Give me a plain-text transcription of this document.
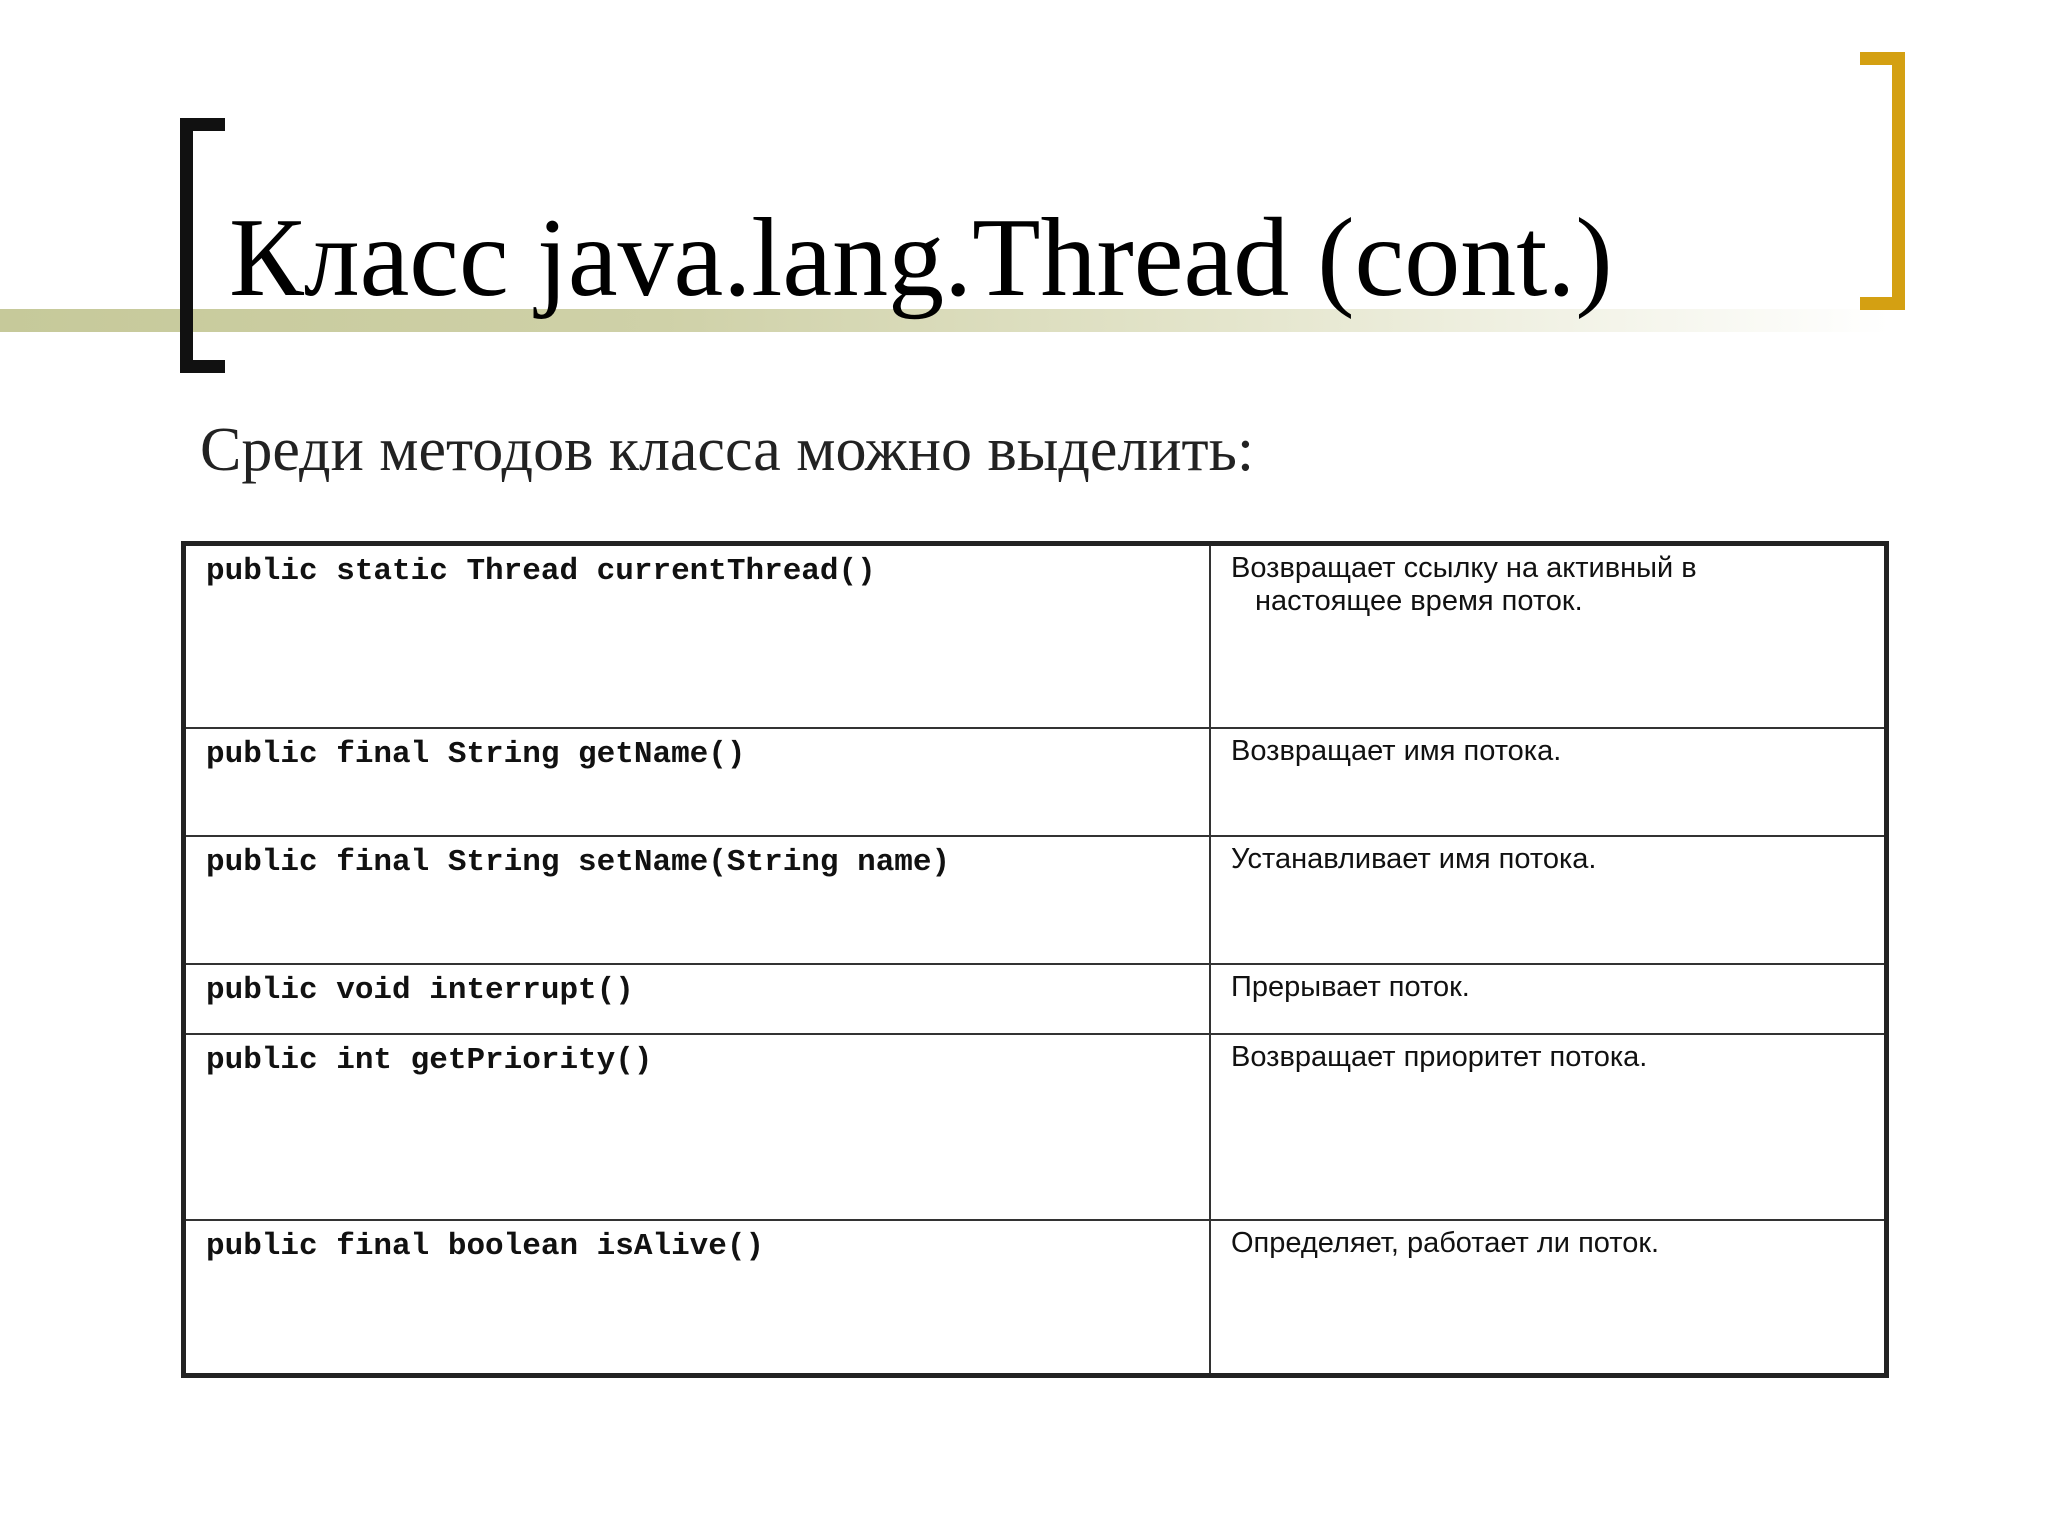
Класс java.lang.Thread (cont.)
Среди методов класса можно выделить:
public static Thread currentThread()	Возвращает ссылку на активный в настоящее время поток.

public final String getName()	Возвращает имя потока.

public final String setName(String name)	Устанавливает имя потока.

public void interrupt()	Прерывает поток.

public int getPriority()	Возвращает приоритет потока.

public final boolean isAlive()	Определяет, работает ли поток.
